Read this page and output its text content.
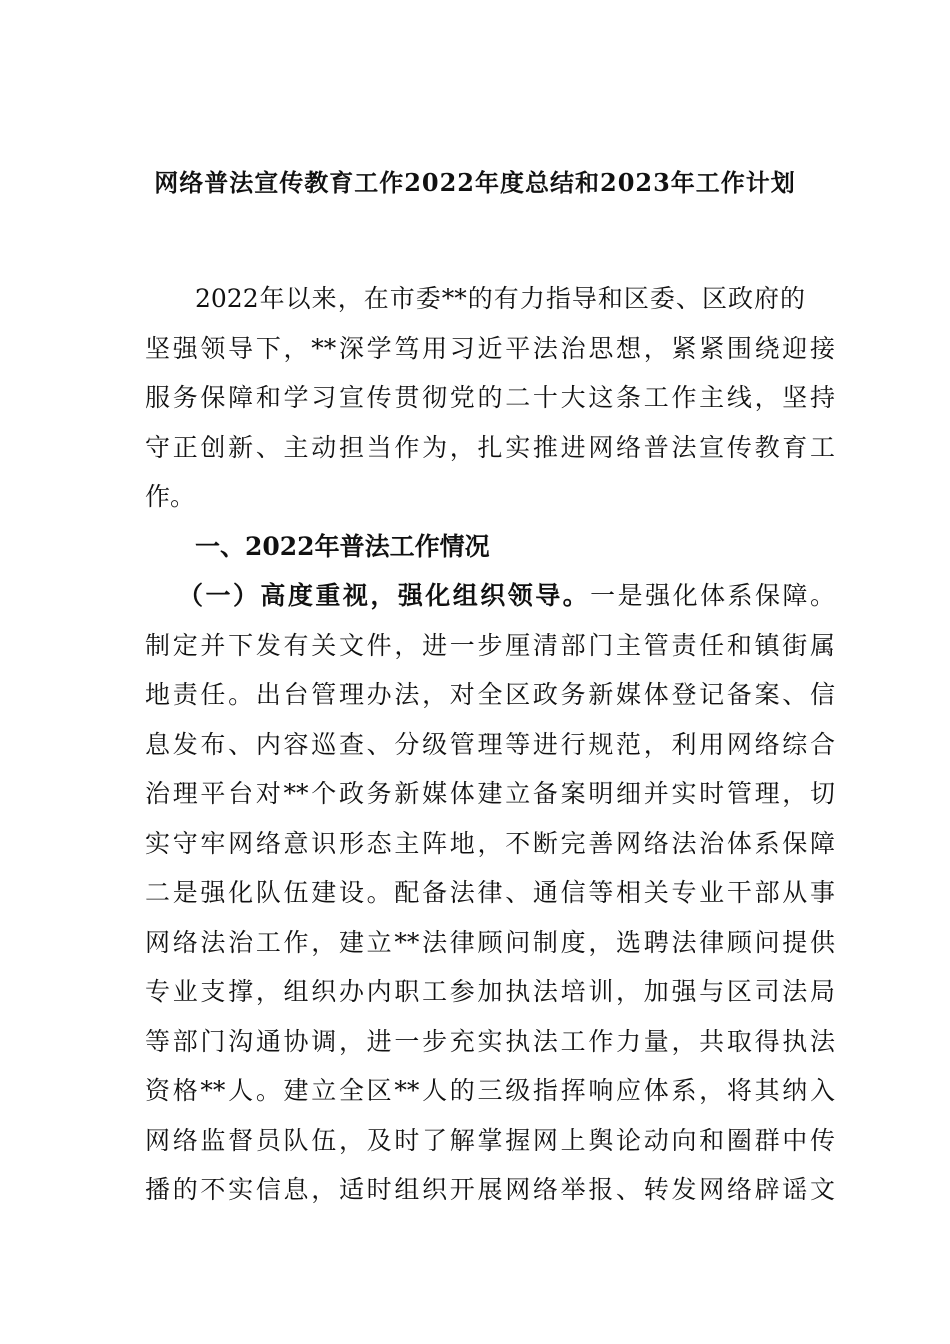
网络普法宣传教育工作2022年度总结和2023年工作计划
2022年以来，在市委**的有力指导和区委、区政府的
坚强领导下，**深学笃用习近平法治思想，紧紧围绕迎接
服务保障和学习宣传贯彻党的二十大这条工作主线，坚持
守正创新、主动担当作为，扎实推进网络普法宣传教育工
作。
一、2022年普法工作情况
（一）高度重视，强化组织领导。一是强化体系保障。
制定并下发有关文件，进一步厘清部门主管责任和镇街属
地责任。出台管理办法，对全区政务新媒体登记备案、信
息发布、内容巡查、分级管理等进行规范，利用网络综合
治理平台对**个政务新媒体建立备案明细并实时管理，切
实守牢网络意识形态主阵地，不断完善网络法治体系保障
二是强化队伍建设。配备法律、通信等相关专业干部从事
网络法治工作，建立**法律顾问制度，选聘法律顾问提供
专业支撑，组织办内职工参加执法培训，加强与区司法局
等部门沟通协调，进一步充实执法工作力量，共取得执法
资格**人。建立全区**人的三级指挥响应体系，将其纳入
网络监督员队伍，及时了解掌握网上舆论动向和圈群中传
播的不实信息，适时组织开展网络举报、转发网络辟谣文
